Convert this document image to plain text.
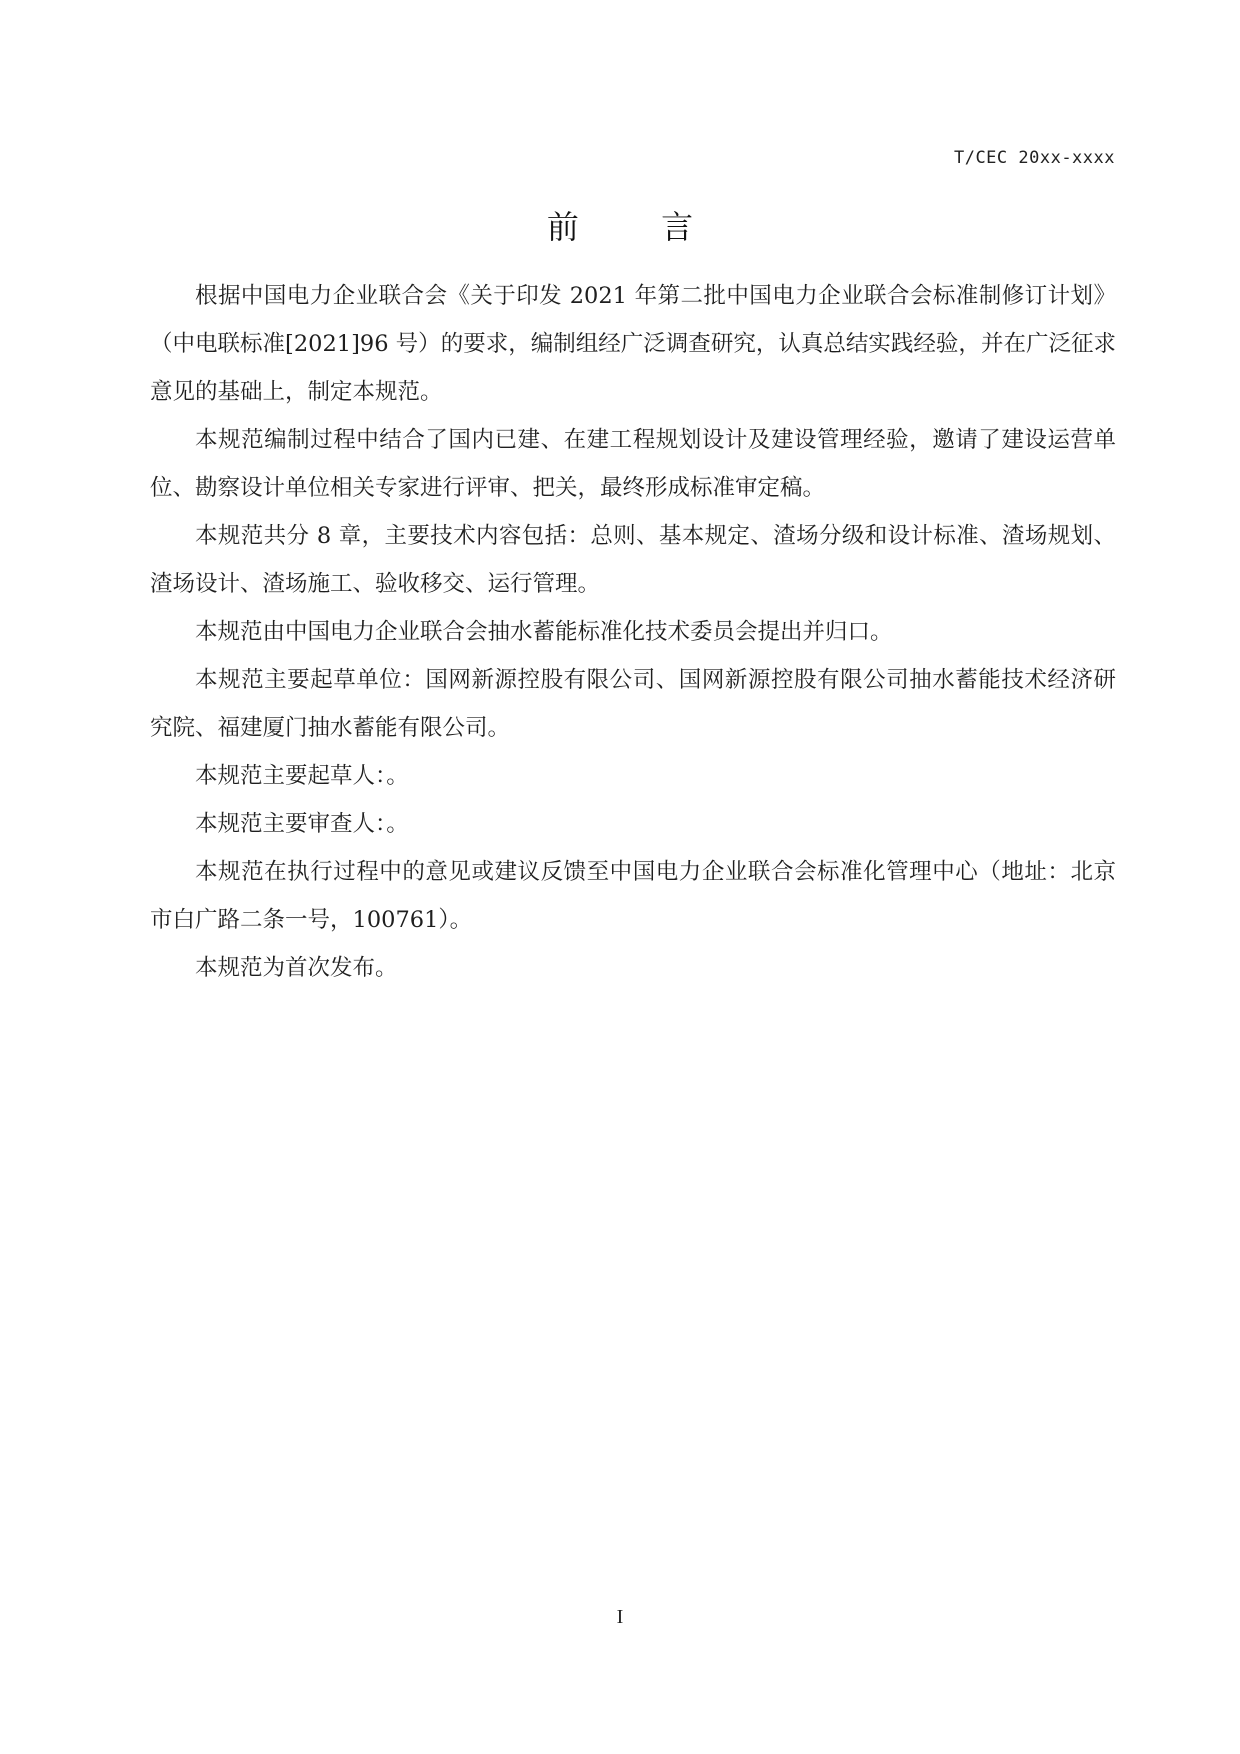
T/CEC 20xx-xxxx
前 言

根据中国电力企业联合会《关于印发 2021 年第二批中国电力企业联合会标准制修订计划》（中电联标准[2021]96 号）的要求，编制组经广泛调查研究，认真总结实践经验，并在广泛征求意见的基础上，制定本规范。

本规范编制过程中结合了国内已建、在建工程规划设计及建设管理经验，邀请了建设运营单位、勘察设计单位相关专家进行评审、把关，最终形成标准审定稿。

本规范共分 8 章，主要技术内容包括：总则、基本规定、渣场分级和设计标准、渣场规划、渣场设计、渣场施工、验收移交、运行管理。

本规范由中国电力企业联合会抽水蓄能标准化技术委员会提出并归口。

本规范主要起草单位：国网新源控股有限公司、国网新源控股有限公司抽水蓄能技术经济研究院、福建厦门抽水蓄能有限公司。

本规范主要起草人：。

本规范主要审查人：。

本规范在执行过程中的意见或建议反馈至中国电力企业联合会标准化管理中心（地址：北京市白广路二条一号，100761）。

本规范为首次发布。

I
